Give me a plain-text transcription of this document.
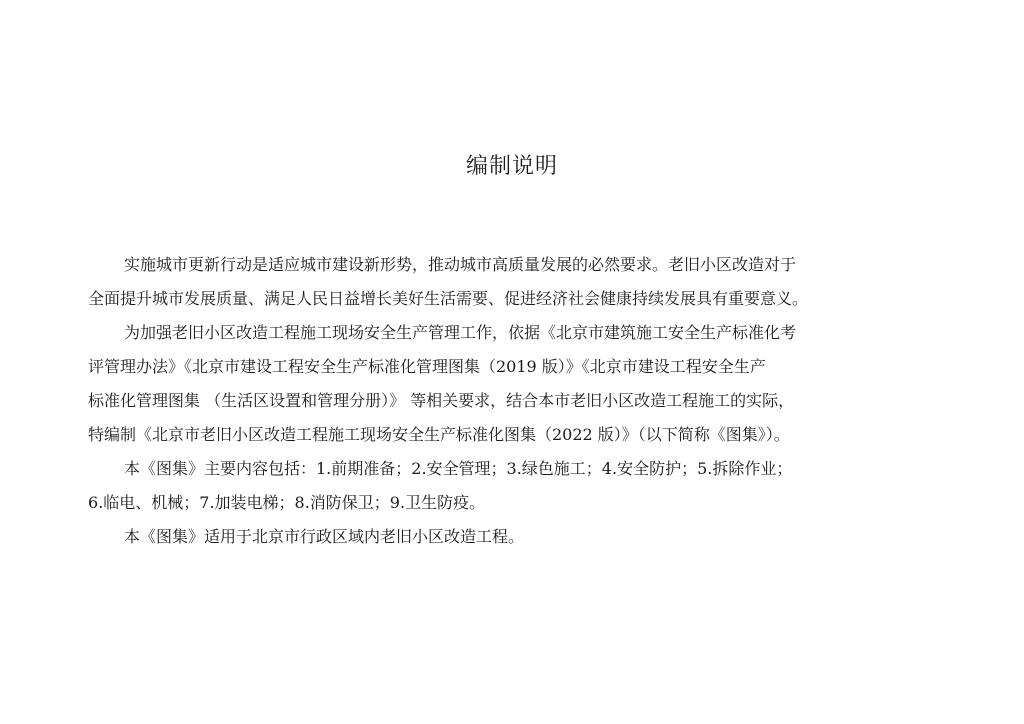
编制说明
实施城市更新行动是适应城市建设新形势，推动城市高质量发展的必然要求。老旧小区改造对于
全面提升城市发展质量、满足人民日益增长美好生活需要、促进经济社会健康持续发展具有重要意义。
为加强老旧小区改造工程施工现场安全生产管理工作，依据《北京市建筑施工安全生产标准化考
评管理办法》《北京市建设工程安全生产标准化管理图集（2019 版）》《北京市建设工程安全生产
标准化管理图集 （生活区设置和管理分册）》 等相关要求，结合本市老旧小区改造工程施工的实际，
特编制《北京市老旧小区改造工程施工现场安全生产标准化图集（2022 版）》（以下简称《图集》）。
本《图集》主要内容包括：1.前期准备；2.安全管理；3.绿色施工；4.安全防护；5.拆除作业；
6.临电、机械；7.加装电梯；8.消防保卫；9.卫生防疫。
本《图集》适用于北京市行政区域内老旧小区改造工程。
